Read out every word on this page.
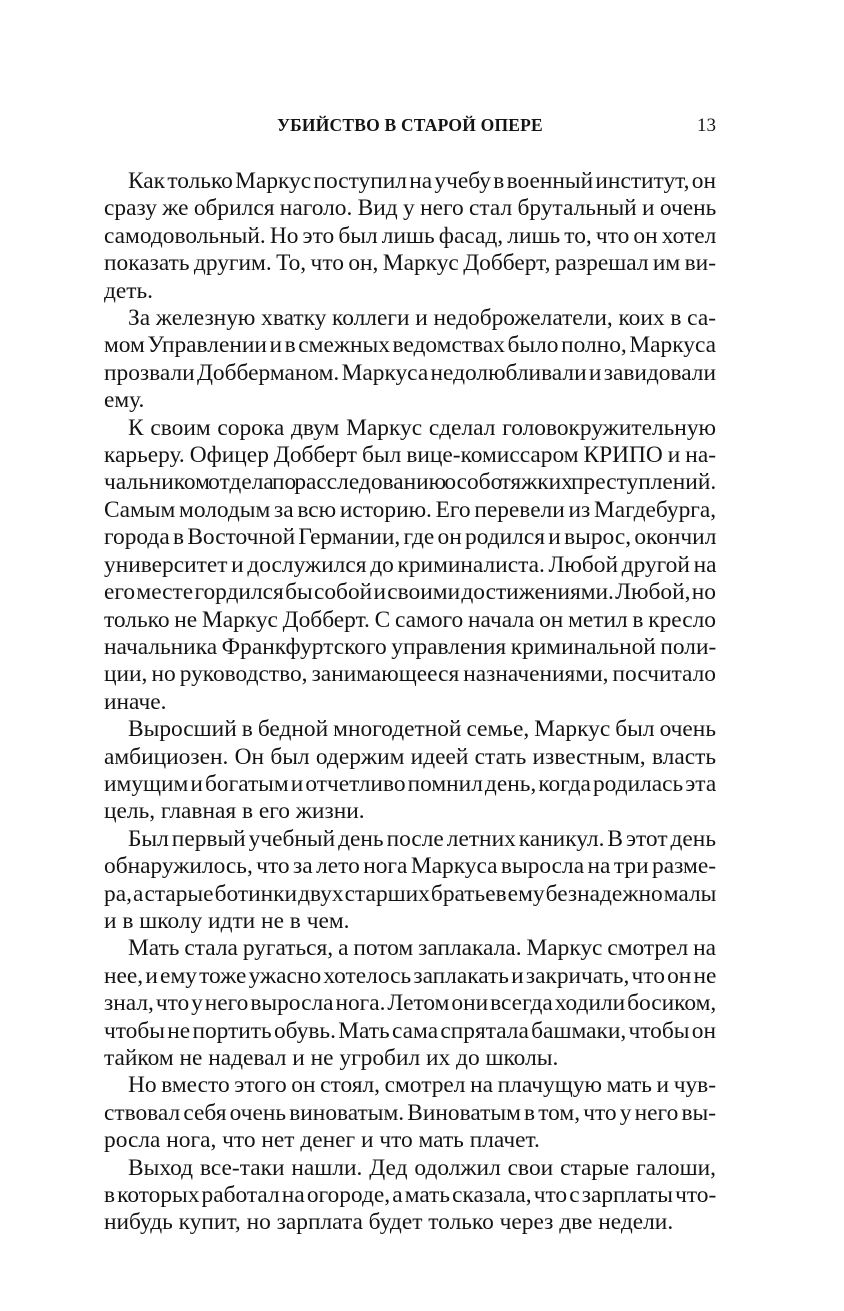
УБИЙСТВО В СТАРОЙ ОПЕРЕ	13

Как только Маркус поступил на учебу в военный институт, он
сразу же обрился наголо. Вид у него стал брутальный и очень
самодовольный. Но это был лишь фасад, лишь то, что он хотел
показать другим. То, что он, Маркус Добберт, разрешал им ви-
деть.

За железную хватку коллеги и недоброжелатели, коих в са-
мом Управлении и в смежных ведомствах было полно, Маркуса
прозвали Добберманом. Маркуса недолюбливали и завидовали
ему.

К своим сорока двум Маркус сделал головокружительную
карьеру. Офицер Добберт был вице-комиссаром КРИПО и на-
чальником отдела по расследованию особо тяжких преступлений.
Самым молодым за всю историю. Его перевели из Магдебурга,
города в Восточной Германии, где он родился и вырос, окончил
университет и дослужился до криминалиста. Любой другой на
его месте гордился бы собой и своими достижениями. Любой, но
только не Маркус Добберт. С самого начала он метил в кресло
начальника Франкфуртского управления криминальной поли-
ции, но руководство, занимающееся назначениями, посчитало
иначе.

Выросший в бедной многодетной семье, Маркус был очень
амбициозен. Он был одержим идеей стать известным, власть
имущим и богатым и отчетливо помнил день, когда родилась эта
цель, главная в его жизни.

Был первый учебный день после летних каникул. В этот день
обнаружилось, что за лето нога Маркуса выросла на три разме-
ра, а старые ботинки двух старших братьев ему безнадежно малы
и в школу идти не в чем.

Мать стала ругаться, а потом заплакала. Маркус смотрел на
нее, и ему тоже ужасно хотелось заплакать и закричать, что он не
знал, что у него выросла нога. Летом они всегда ходили босиком,
чтобы не портить обувь. Мать сама спрятала башмаки, чтобы он
тайком не надевал и не угробил их до школы.

Но вместо этого он стоял, смотрел на плачущую мать и чув-
ствовал себя очень виноватым. Виноватым в том, что у него вы-
росла нога, что нет денег и что мать плачет.

Выход все-таки нашли. Дед одолжил свои старые галоши,
в которых работал на огороде, а мать сказала, что с зарплаты что-
нибудь купит, но зарплата будет только через две недели.
